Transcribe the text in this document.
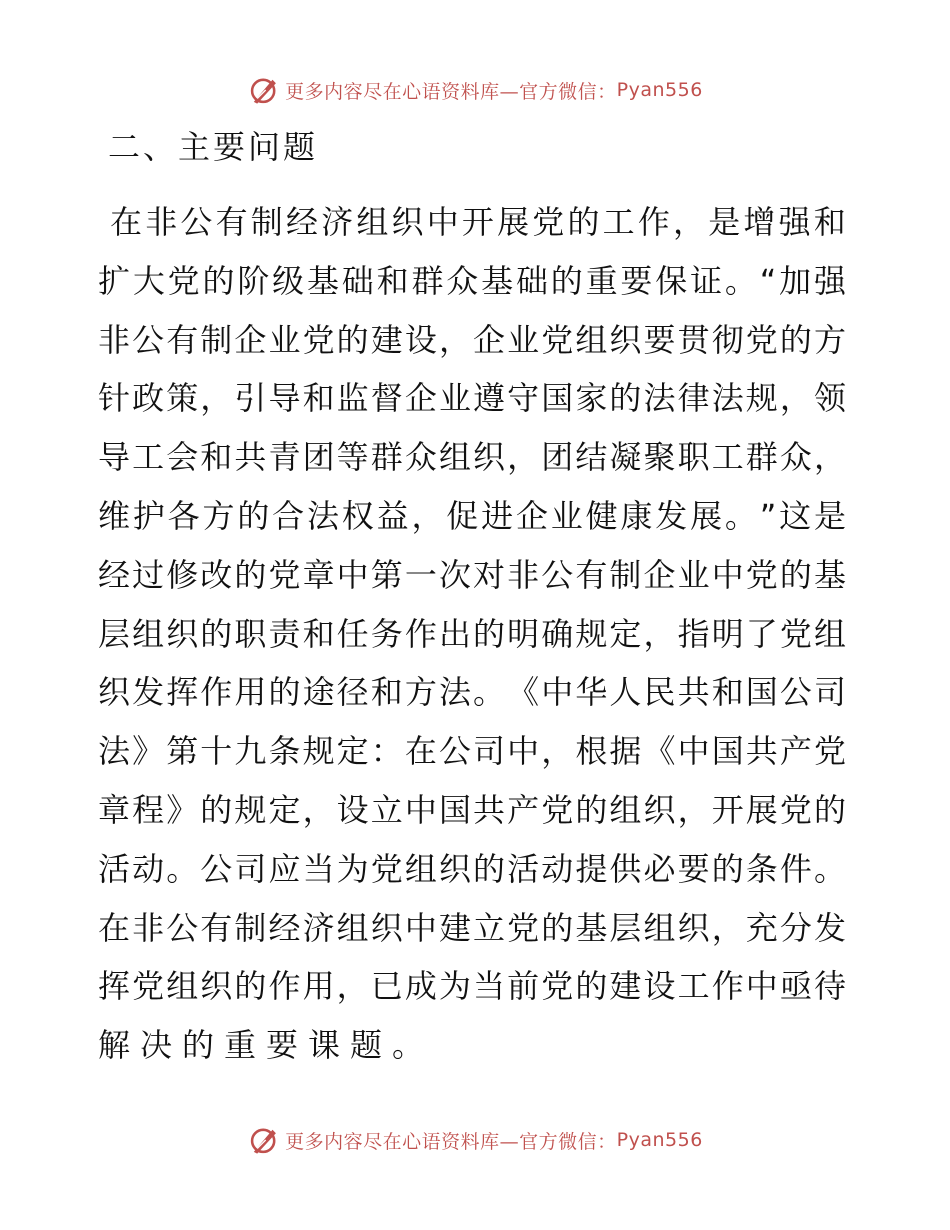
更多内容尽在心语资料库—官方微信： Pyan556
二、主要问题
在 非 公 有 制 经 济 组 织 中 开 展 党 的 工 作 ， 是 增 强 和
扩 大 党 的 阶 级 基 础 和 群 众 基 础 的 重 要 保 证 。 “ 加 强
非 公 有 制 企 业 党 的 建 设 ， 企 业 党 组 织 要 贯 彻 党 的 方
针 政 策 ， 引 导 和 监 督 企 业 遵 守 国 家 的 法 律 法 规 ， 领
导 工 会 和 共 青 团 等 群 众 组 织 ， 团 结 凝 聚 职 工 群 众 ，
维 护 各 方 的 合 法 权 益 ， 促 进 企 业 健 康 发 展 。 ” 这 是
经 过 修 改 的 党 章 中 第 一 次 对 非 公 有 制 企 业 中 党 的 基
层 组 织 的 职 责 和 任 务 作 出 的 明 确 规 定 ， 指 明 了 党 组
织 发 挥 作 用 的 途 径 和 方 法 。 《 中 华 人 民 共 和 国 公 司
法 》 第 十 九 条 规 定 ： 在 公 司 中 ， 根 据 《 中 国 共 产 党
章 程 》 的 规 定 ， 设 立 中 国 共 产 党 的 组 织 ， 开 展 党 的
活 动 。 公 司 应 当 为 党 组 织 的 活 动 提 供 必 要 的 条 件 。
在 非 公 有 制 经 济 组 织 中 建 立 党 的 基 层 组 织 ， 充 分 发
挥 党 组 织 的 作 用 ， 已 成 为 当 前 党 的 建 设 工 作 中 亟 待
解决的重要课题。
更多内容尽在心语资料库—官方微信： Pyan556
